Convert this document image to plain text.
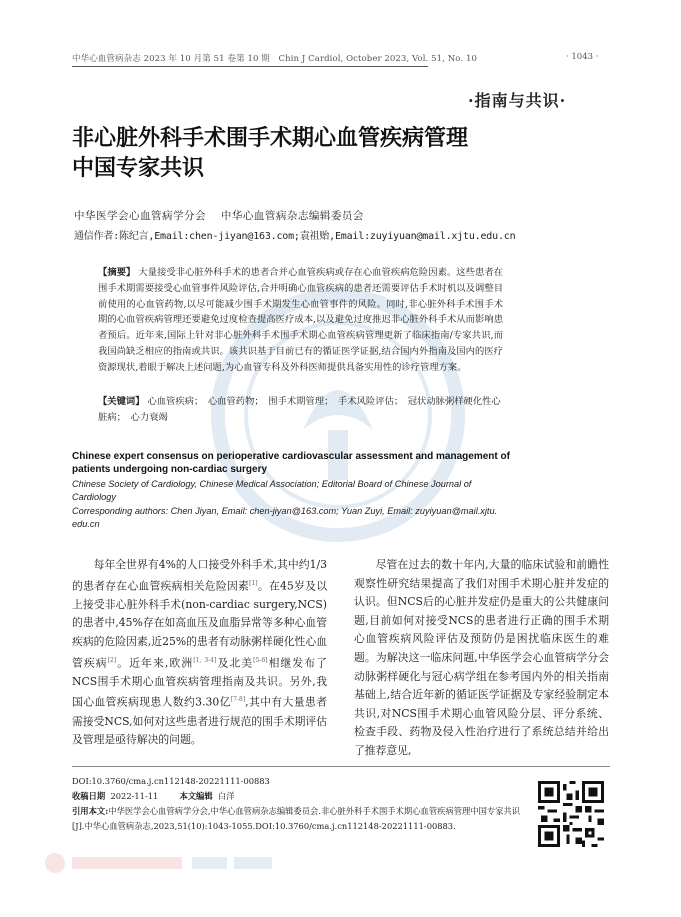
中华心血管病杂志 2023 年 10 月第 51 卷第 10 期　Chin J Cardiol, October 2023, Vol. 51, No. 10	· 1043 ·
·指南与共识·
非心脏外科手术围手术期心血管疾病管理
中国专家共识
中华医学会心血管病学分会　 中华心血管病杂志编辑委员会
通信作者:陈纪言,Email:chen-jiyan@163.com;袁祖贻,Email:zuyiyuan@mail.xjtu.edu.cn
【摘要】 大量接受非心脏外科手术的患者合并心血管疾病或存在心血管疾病危险因素。这些患者在围手术期需要接受心血管事件风险评估,合并明确心血管疾病的患者还需要评估手术时机以及调整目前使用的心血管药物,以尽可能减少围手术期发生心血管事件的风险。同时,非心脏外科手术围手术期的心血管疾病管理还要避免过度检查提高医疗成本,以及避免过度推迟非心脏外科手术从而影响患者预后。近年来,国际上针对非心脏外科手术围手术期心血管疾病管理更新了临床指南/专家共识,而我国尚缺乏相应的指南或共识。该共识基于目前已有的循证医学证据,结合国内外指南及国内的医疗资源现状,着眼于解决上述问题,为心血管专科及外科医师提供具备实用性的诊疗管理方案。
【关键词】 心血管疾病；　心血管药物；　围手术期管理；　手术风险评估；　冠状动脉粥样硬化性心脏病；　心力衰竭
Chinese expert consensus on perioperative cardiovascular assessment and management of patients undergoing non-cardiac surgery
Chinese Society of Cardiology, Chinese Medical Association; Editorial Board of Chinese Journal of
Cardiology
Corresponding authors: Chen Jiyan, Email: chen-jiyan@163.com; Yuan Zuyi, Email: zuyiyuan@mail.xjtu.
edu.cn

每年全世界有4%的人口接受外科手术,其中约1/3的患者存在心血管疾病相关危险因素[1]。在45岁及以上接受非心脏外科手术(non-cardiac surgery,NCS)的患者中,45%存在如高血压及血脂异常等多种心血管疾病的危险因素,近25%的患者有动脉粥样硬化性心血管疾病[2]。近年来,欧洲[1, 3-4]及北美[5-6]相继发布了NCS围手术期心血管疾病管理指南及共识。另外,我国心血管疾病现患人数约3.30亿[7-8],其中有大量患者需接受NCS,如何对这些患者进行规范的围手术期评估及管理是亟待解决的问题。

尽管在过去的数十年内,大量的临床试验和前瞻性观察性研究结果提高了我们对围手术期心脏并发症的认识。但NCS后的心脏并发症仍是重大的公共健康问题,目前如何对接受NCS的患者进行正确的围手术期心血管疾病风险评估及预防仍是困扰临床医生的难题。为解决这一临床问题,中华医学会心血管病学分会动脉粥样硬化与冠心病学组在参考国内外的相关指南基础上,结合近年新的循证医学证据及专家经验制定本共识,对NCS围手术期心血管风险分层、评分系统、检查手段、药物及侵入性治疗进行了系统总结并给出了推荐意见,

DOI:10.3760/cma.j.cn112148-20221111-00883
收稿日期 2022-11-11	本文编辑 白洋
引用本文:中华医学会心血管病学分会,中华心血管病杂志编辑委员会.非心脏外科手术围手术期心血管疾病管理中国专家共识[J].中华心血管病杂志,2023,51(10):1043-1055.DOI:10.3760/cma.j.cn112148-20221111-00883.
